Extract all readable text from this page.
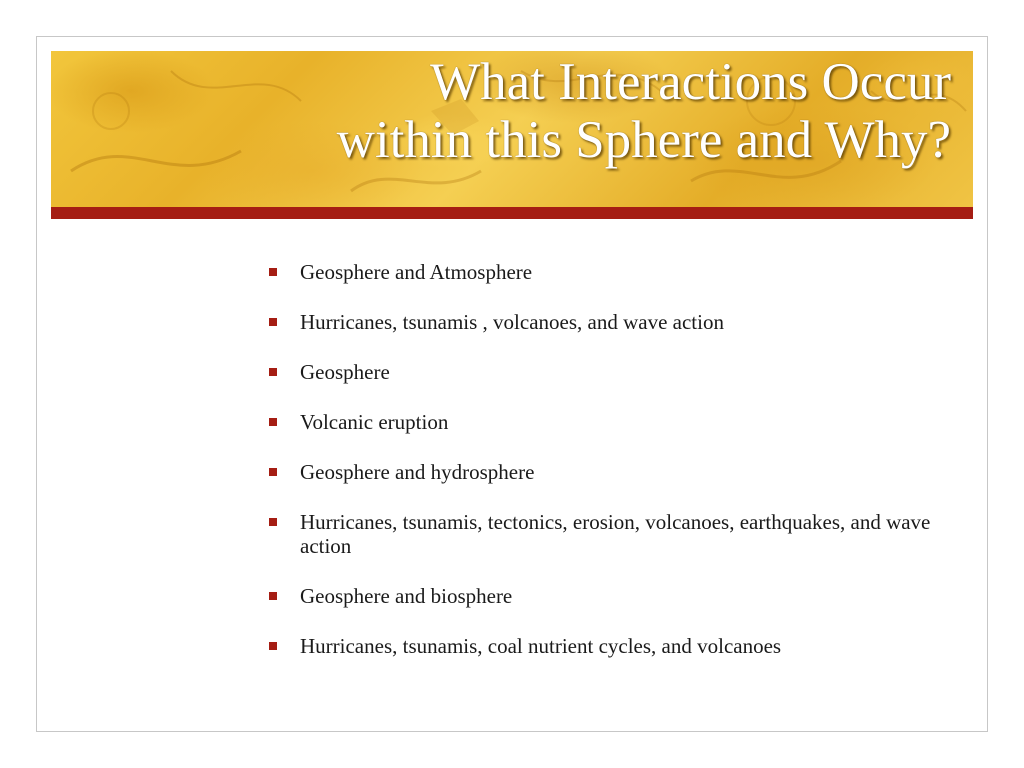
What Interactions Occur
within this Sphere and Why?
Geosphere and Atmosphere
Hurricanes, tsunamis , volcanoes, and wave action
Geosphere
Volcanic eruption
Geosphere and hydrosphere
Hurricanes, tsunamis, tectonics, erosion, volcanoes, earthquakes, and wave action
Geosphere and biosphere
Hurricanes, tsunamis, coal nutrient cycles, and volcanoes
